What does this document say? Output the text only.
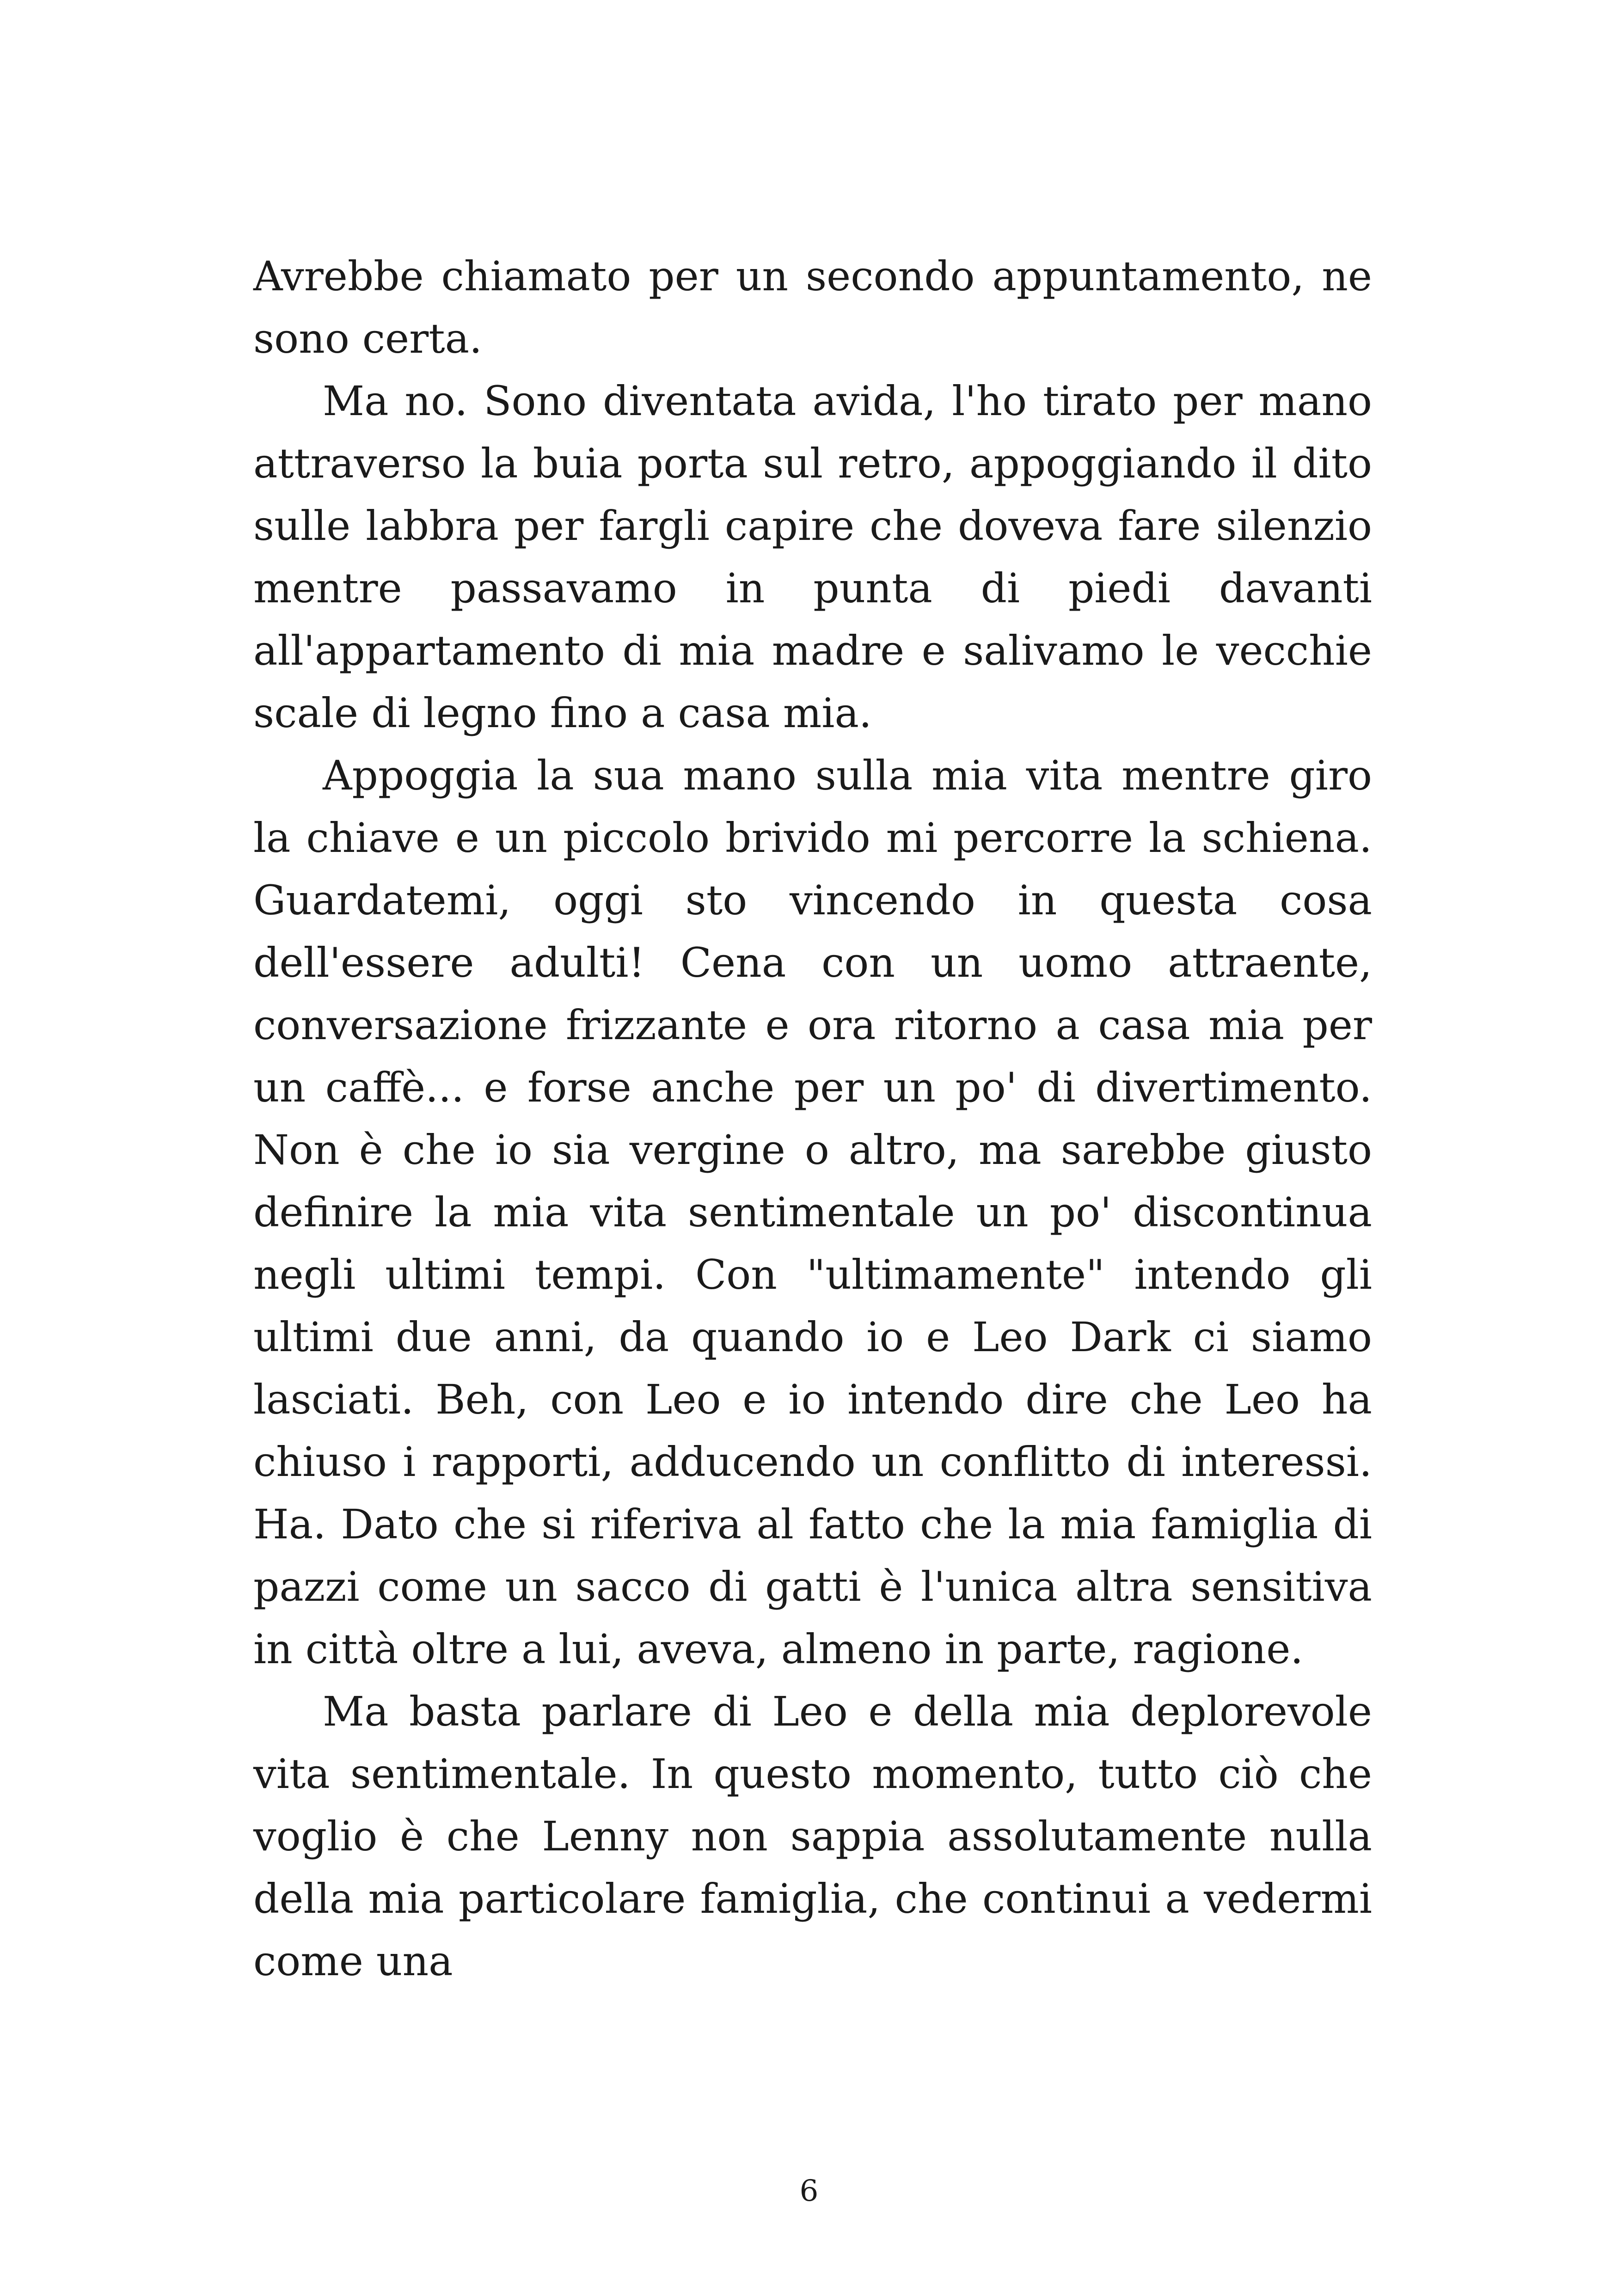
Avrebbe chiamato per un secondo appuntamento, ne sono certa.

Ma no. Sono diventata avida, l'ho tirato per mano attraverso la buia porta sul retro, appoggiando il dito sulle labbra per fargli capire che doveva fare silenzio mentre passavamo in punta di piedi davanti all'appartamento di mia madre e salivamo le vecchie scale di legno fino a casa mia.

Appoggia la sua mano sulla mia vita mentre giro la chiave e un piccolo brivido mi percorre la schiena. Guardatemi, oggi sto vincendo in questa cosa dell'essere adulti! Cena con un uomo attraente, conversazione frizzante e ora ritorno a casa mia per un caffè... e forse anche per un po' di divertimento. Non è che io sia vergine o altro, ma sarebbe giusto definire la mia vita sentimentale un po' discontinua negli ultimi tempi. Con "ultimamente" intendo gli ultimi due anni, da quando io e Leo Dark ci siamo lasciati. Beh, con Leo e io intendo dire che Leo ha chiuso i rapporti, adducendo un conflitto di interessi. Ha. Dato che si riferiva al fatto che la mia famiglia di pazzi come un sacco di gatti è l'unica altra sensitiva in città oltre a lui, aveva, almeno in parte, ragione.

Ma basta parlare di Leo e della mia deplorevole vita sentimentale. In questo momento, tutto ciò che voglio è che Lenny non sappia assolutamente nulla della mia particolare famiglia, che continui a vedermi come una

6
